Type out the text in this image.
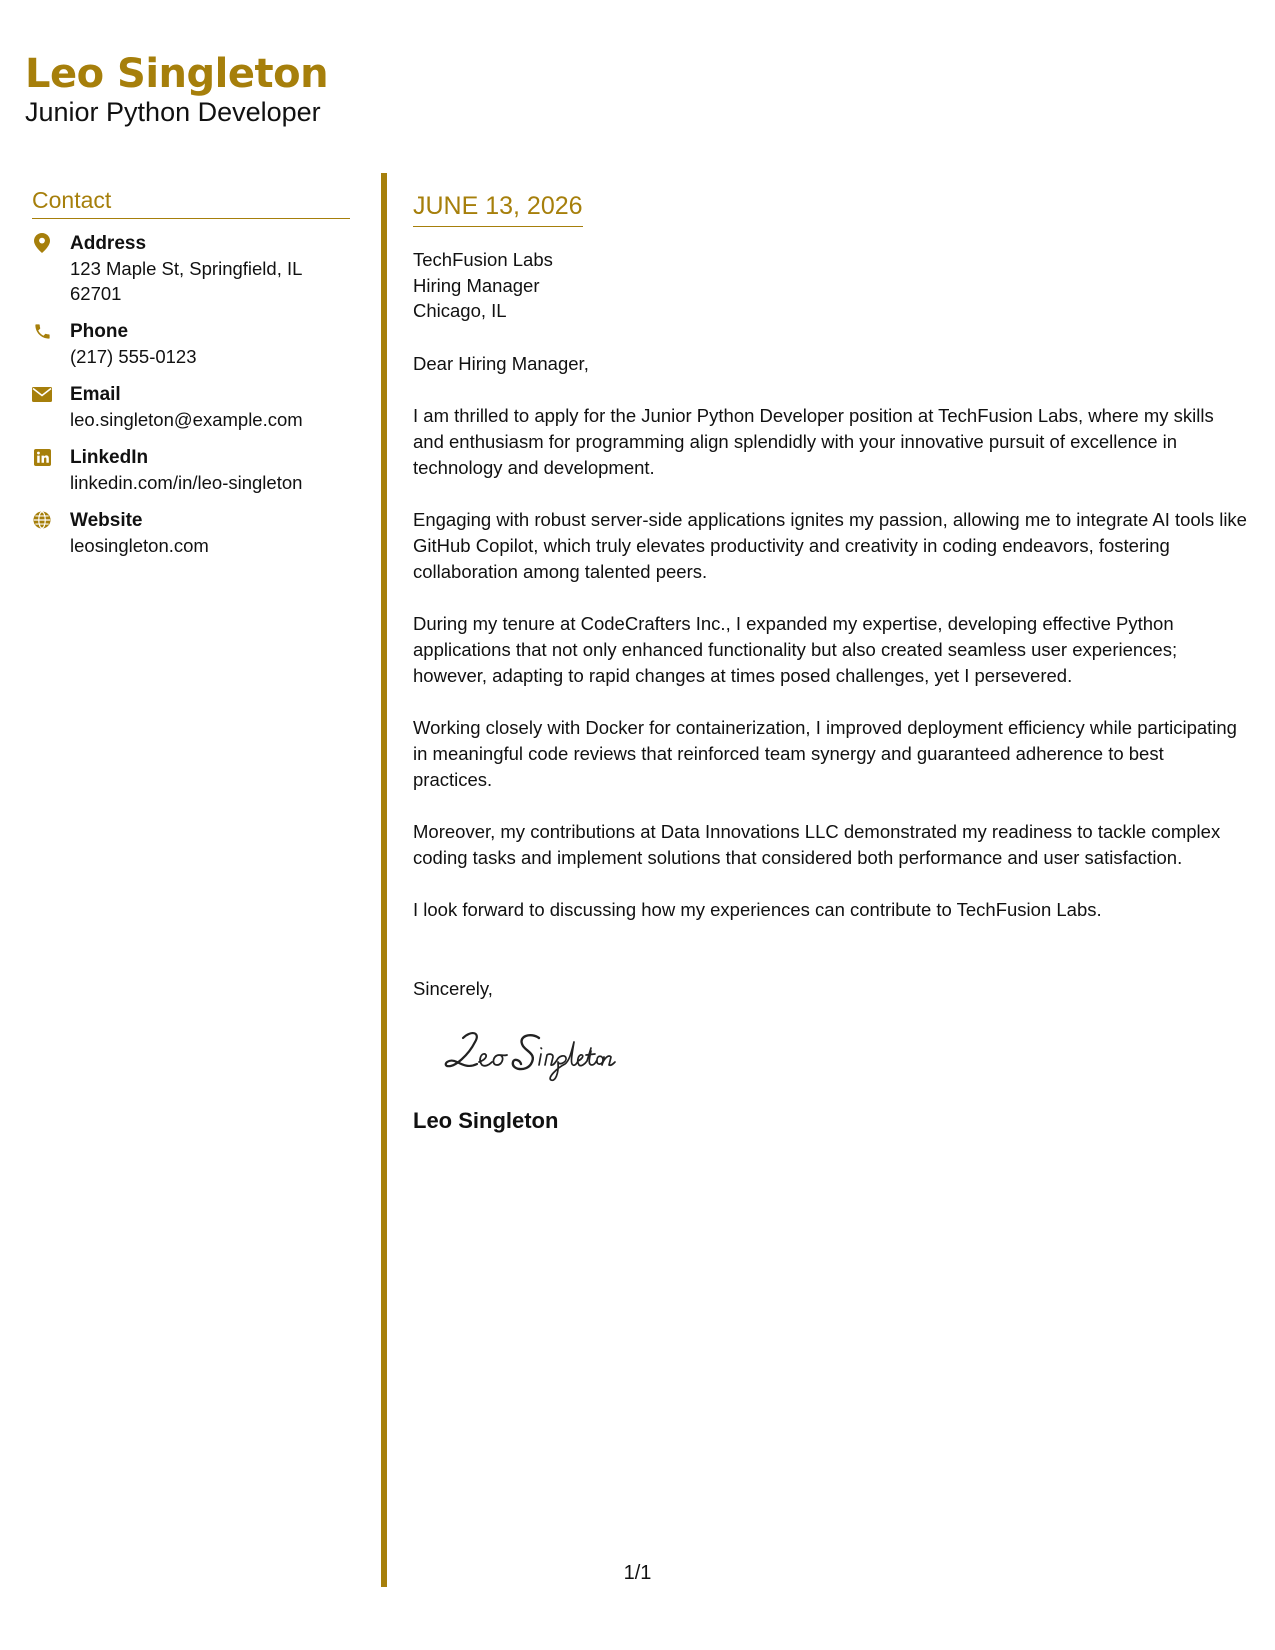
Leo Singleton
Junior Python Developer
Contact
Address
123 Maple St, Springfield, IL 62701
Phone
(217) 555-0123
Email
leo.singleton@example.com
LinkedIn
linkedin.com/in/leo-singleton
Website
leosingleton.com
JUNE 13, 2026
TechFusion Labs
Hiring Manager
Chicago, IL
Dear Hiring Manager,
I am thrilled to apply for the Junior Python Developer position at TechFusion Labs, where my skills and enthusiasm for programming align splendidly with your innovative pursuit of excellence in technology and development.
Engaging with robust server-side applications ignites my passion, allowing me to integrate AI tools like GitHub Copilot, which truly elevates productivity and creativity in coding endeavors, fostering collaboration among talented peers.
During my tenure at CodeCrafters Inc., I expanded my expertise, developing effective Python applications that not only enhanced functionality but also created seamless user experiences; however, adapting to rapid changes at times posed challenges, yet I persevered.
Working closely with Docker for containerization, I improved deployment efficiency while participating in meaningful code reviews that reinforced team synergy and guaranteed adherence to best practices.
Moreover, my contributions at Data Innovations LLC demonstrated my readiness to tackle complex coding tasks and implement solutions that considered both performance and user satisfaction.
I look forward to discussing how my experiences can contribute to TechFusion Labs.
Sincerely,
Leo Singleton
1/1
